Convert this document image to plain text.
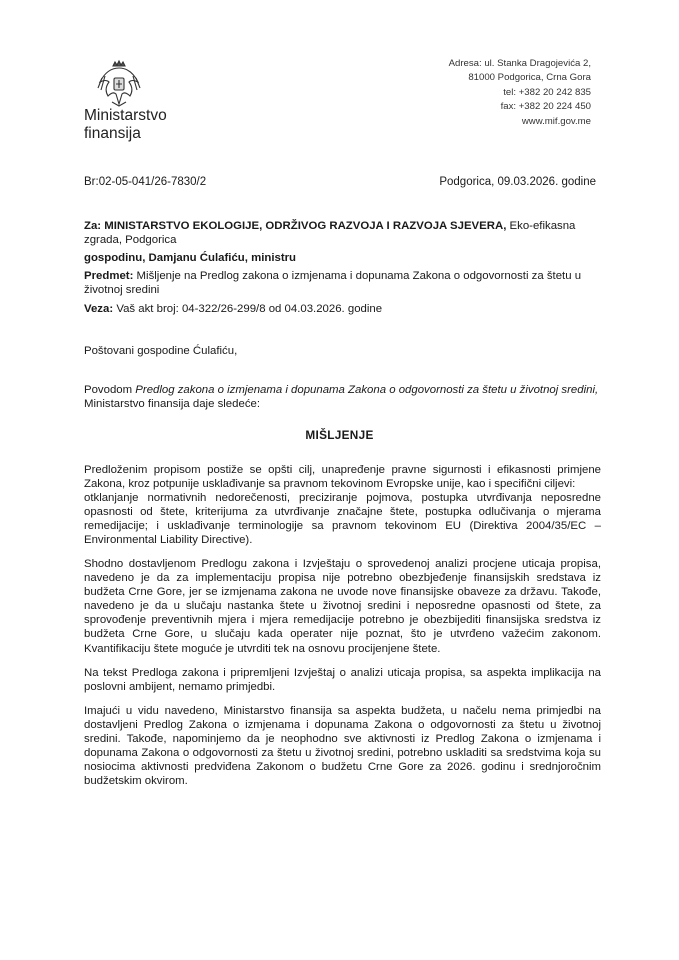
Ministarstvo
finansija
Adresa: ul. Stanka Dragojevića 2,
81000 Podgorica, Crna Gora
tel: +382 20 242 835
fax: +382 20 224 450
www.mif.gov.me
Br:02-05-041/26-7830/2	Podgorica, 09.03.2026. godine

Za: MINISTARSTVO EKOLOGIJE, ODRŽIVOG RAZVOJA I RAZVOJA SJEVERA, Eko-efikasna zgrada, Podgorica

gospodinu, Damjanu Ćulafiću, ministru

Predmet: Mišljenje na Predlog zakona o izmjenama i dopunama Zakona o odgovornosti za štetu u životnoj sredini

Veza: Vaš akt broj: 04-322/26-299/8 od 04.03.2026. godine

Poštovani gospodine Ćulafiću,
Povodom Predlog zakona o izmjenama i dopunama Zakona o odgovornosti za štetu u životnoj sredini, Ministarstvo finansija daje sledeće:
MIŠLJENJE

Predloženim propisom postiže se opšti cilj, unapređenje pravne sigurnosti i efikasnosti primjene Zakona, kroz potpunije usklađivanje sa pravnom tekovinom Evropske unije, kao i specifični ciljevi:

otklanjanje normativnih nedorečenosti, preciziranje pojmova, postupka utvrđivanja neposredne opasnosti od štete, kriterijuma za utvrđivanje značajne štete, postupka odlučivanja o mjerama remedijacije; i usklađivanje terminologije sa pravnom tekovinom EU (Direktiva 2004/35/EC – Environmental Liability Directive).

Shodno dostavljenom Predlogu zakona i Izvještaju o sprovedenoj analizi procjene uticaja propisa, navedeno je da za implementaciju propisa nije potrebno obezbjeđenje finansijskih sredstava iz budžeta Crne Gore, jer se izmjenama zakona ne uvode nove finansijske obaveze za državu. Takođe, navedeno je da u slučaju nastanka štete u životnoj sredini i neposredne opasnosti od štete, za sprovođenje preventivnih mjera i mjera remedijacije potrebno je obezbijediti finansijska sredstva iz budžeta Crne Gore, u slučaju kada operater nije poznat, što je utvrđeno važećim zakonom. Kvantifikaciju štete moguće je utvrditi tek na osnovu procijenjene štete.
Na tekst Predloga zakona i pripremljeni Izvještaj o analizi uticaja propisa, sa aspekta implikacija na poslovni ambijent, nemamo primjedbi.
Imajući u vidu navedeno, Ministarstvo finansija sa aspekta budžeta, u načelu nema primjedbi na dostavljeni Predlog Zakona o izmjenama i dopunama Zakona o odgovornosti za štetu u životnoj sredini. Takođe, napominjemo da je neophodno sve aktivnosti iz Predlog Zakona o izmjenama i dopunama Zakona o odgovornosti za štetu u životnoj sredini, potrebno uskladiti sa sredstvima koja su nosiocima aktivnosti predviđena Zakonom o budžetu Crne Gore za 2026. godinu i srednjoročnim budžetskim okvirom.
